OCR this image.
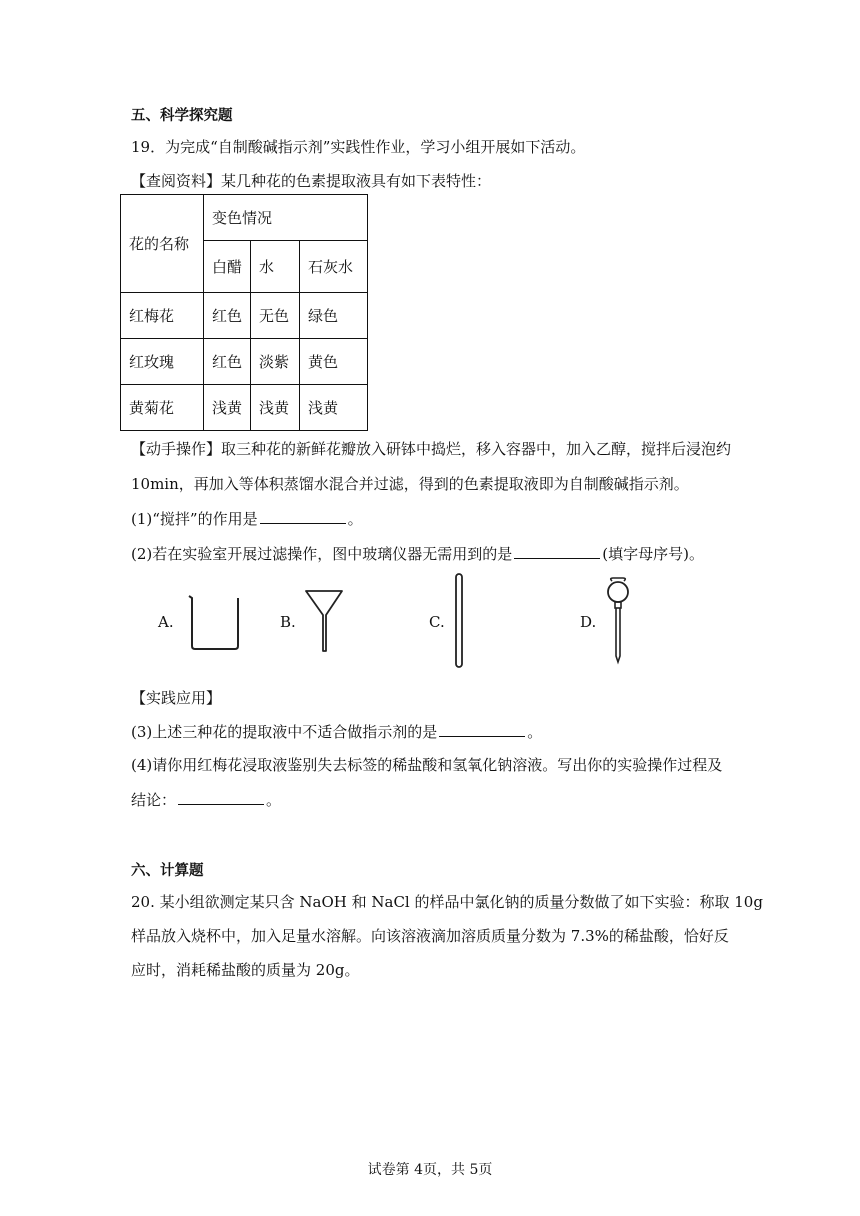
五、科学探究题
19．为完成“自制酸碱指示剂”实践性作业，学习小组开展如下活动。
【查阅资料】某几种花的色素提取液具有如下表特性：
花的名称	变色情况		
	白醋	水	石灰水
红梅花	红色	无色	绿色
红玫瑰	红色	淡紫	黄色
黄菊花	浅黄	浅黄	浅黄
【动手操作】取三种花的新鲜花瓣放入研钵中捣烂，移入容器中，加入乙醇，搅拌后浸泡约
10min，再加入等体积蒸馏水混合并过滤，得到的色素提取液即为自制酸碱指示剂。
(1)“搅拌”的作用是	。
(2)若在实验室开展过滤操作，图中玻璃仪器无需用到的是	(填字母序号)。
A.	B.	C.	D.
【实践应用】
(3)上述三种花的提取液中不适合做指示剂的是	。
(4)请你用红梅花浸取液鉴别失去标签的稀盐酸和氢氧化钠溶液。写出你的实验操作过程及
结论：	。
六、计算题
20. 某小组欲测定某只含 NaOH 和 NaCl 的样品中氯化钠的质量分数做了如下实验：称取 10g
样品放入烧杯中，加入足量水溶解。向该溶液滴加溶质质量分数为 7.3%的稀盐酸，恰好反
应时，消耗稀盐酸的质量为 20g。
试卷第 4页，共 5页
